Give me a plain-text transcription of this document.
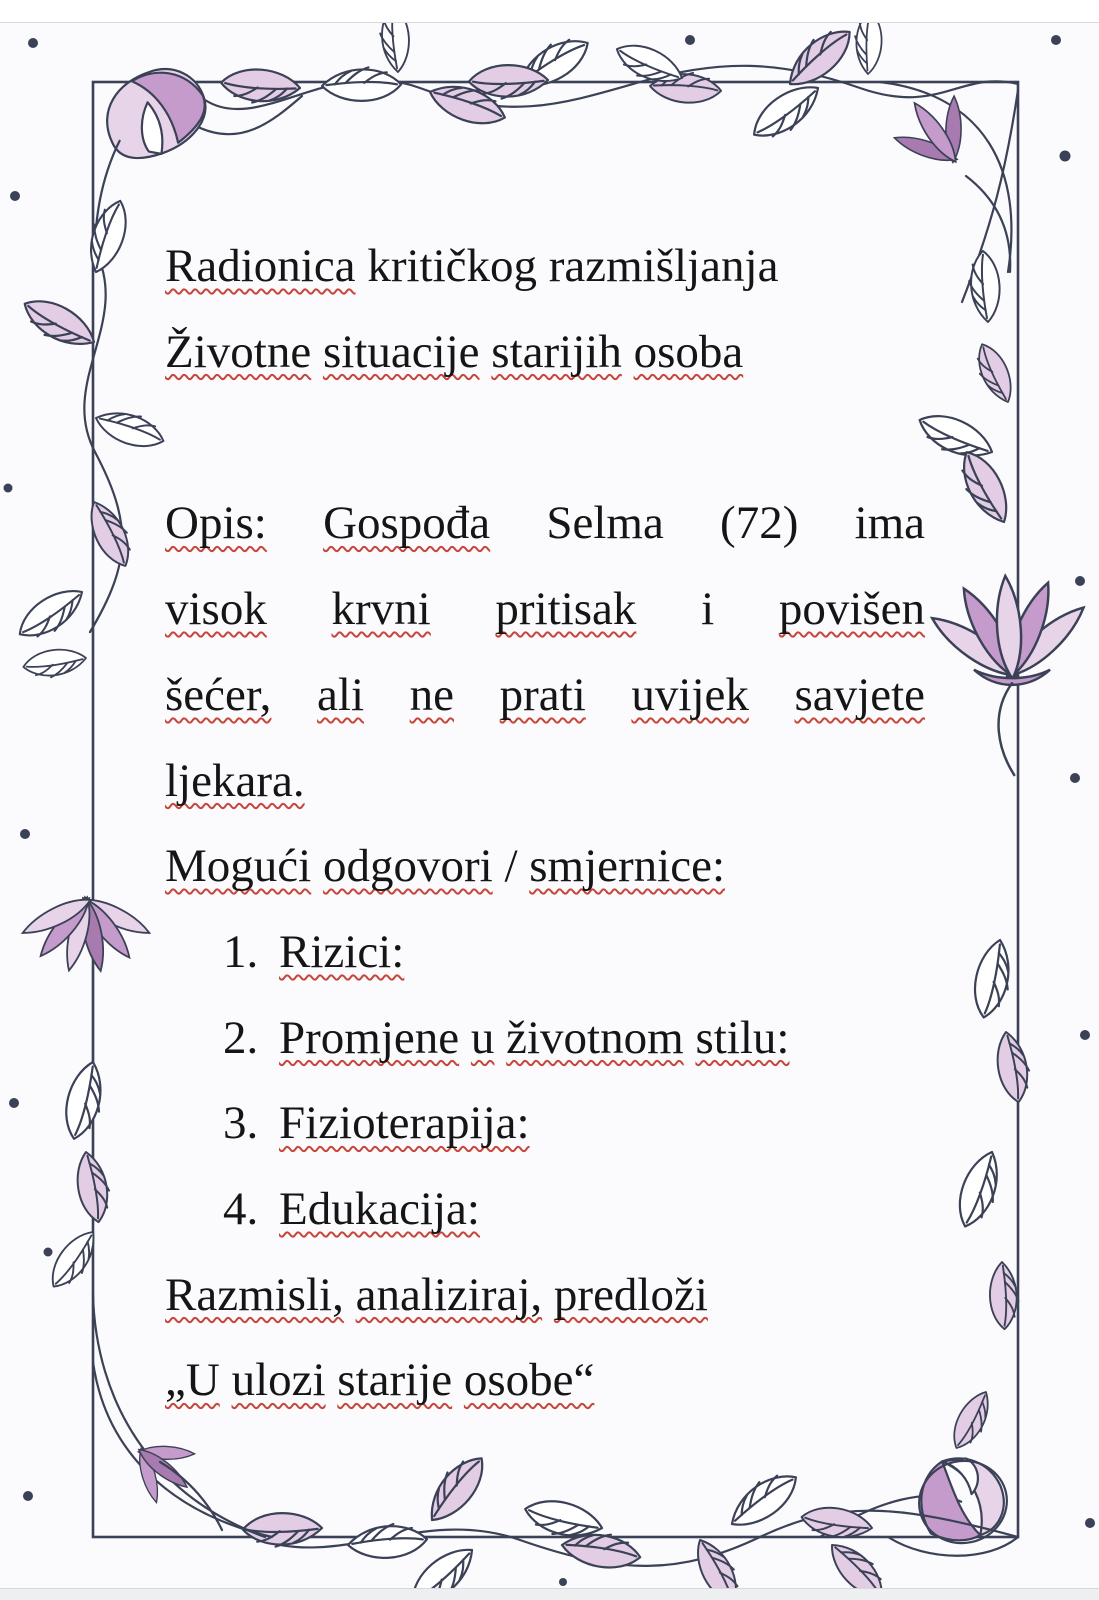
Radionica kritičkog razmišljanja
Životne situacije starijih osoba
Opis: Gospođa Selma (72) ima
visok krvni pritisak i povišen
šećer, ali ne prati uvijek savjete
ljekara.
Mogući odgovori / smjernice:
1. Rizici:
2. Promjene u životnom stilu:
3. Fizioterapija:
4. Edukacija:
Razmisli, analiziraj, predloži
„U ulozi starije osobe“
